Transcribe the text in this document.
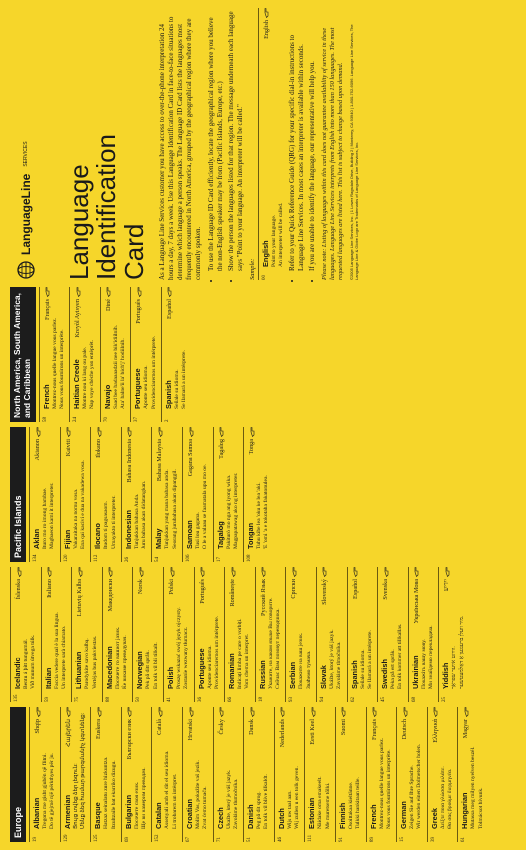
Europe
19
Albanian
Shqip
Tregona me gisht gjuhën që flitni. Do të gjejmë një përkthyes për ju.
129
Armenian
Հայերեն
Ցույց տվեք ձեր լեզուն: Մենք ձեզ համար թարգմանիչ կգտնենք:
125
Basque
Euskera
Hatzaz seinalatu zure hizkuntza. Itzultzaile bat ekarriko dizugu.
69
Bulgarian
Български език
Посочете своя език. Ще ви намерим преводач.
152
Catalan
Català
Assenyali amb el dit el seu idioma. Li trobarem un intèrpret.
67
Croatian
Hrvatski
Molim Vas, pokažite vaš jezik. Zvat ćemo tumača.
71
Czech
Česky
Ukažte, který je váš jazyk. Zavoláme tlumočníka.
51
Danish
Dansk
Peg på dit sprog. En tolk vil blive tilkaldt.
46
Dutch
Nederlands
Wijs uw taal aan. Wij zullen u een tolk geven.
111
Estonian
Eesti Keel
Näidake oma emakeelt. Me muretseme tõlki.
91
Finnish
Suomi
Osoittakaa kieltänne. Tulkki hankitaan teille.
89
French
Français
Montrez-nous quelle langue vous parlez. Nous vous fournirons un interprète.
15
German
Deutsch
Zeigen Sie auf Ihre Sprache. Wir werden einen Dolmetscher holen.
39
Greek
Ελληνικά
Δείξτε ποια γλώσσα μιλάτε. Θα σας βρούμε διερμηνέα.
61
Hungarian
Magyar
Mutassa meg milyen nyelven beszél. Tolmácsot hívunk.
135
Icelandic
Íslenska
Bentu á þitt tungumál. Við munum útvega túlk.
59
Italian
Italiano
Faccia vedere qual è la sua lingua. Un interprete sarà chiamato.
75
Lithuanian
Lietuvių Kalba
Parodykite savo kalbą. Vertėjas bus pakviestas.
88
Macedonian
Македонски
Посочете го вашиот јазик. Ќе викаме преведувач.
50
Norwegian
Norsk
Pek på ditt språk. En tolk vil bli tilkalt.
41
Polish
Polski
Proszę wskazać swój język ojczysty. Zostanie wezwany tłumacz.
36
Portuguese
Português
Aponte seu idioma. Providenciaremos um intérprete.
66
Romanian
Românește
Indicați limba pe care o vorbiți. Vom chema un interpret.
18
Russian
Русский Язык Укажите, на каком языке Вы говорите. Сейчас Вам позовут переводчика.
93
Serbian
Српски
Покажите на ваш језик. Зваћемо тумача.
94
Slovak
Slovenský
Ukážte, ktorý je váš jazyk. Zavoláme tlmočníka.
62
Spanish
Español
Señale su idioma. Se llamará a un intérprete.
45
Swedish
Svenska
Peka på ert språk. En tolk kommer att tillkallas.
68
Ukrainian
Українська Мова
Покажіть вашу мову. Ми знайдемо перекладача.
25
Yiddish
יידיש
ווײַזט אײַער שפּראַך. מיר וועלן ברענגען אַ דאָלמעטשער.
Pacific Islands
134
Aklan
Akianon
Ituro mo ro imong hambae. Magbaeon kami it interpreter.
120
Fijian
Kaiviti
Vakaraitaka na nomu vosa. Ena qai kacivi e dua na vakadewa vosa.
112
Ilocano
Ilokano
Itudom ti pagsasaom. Umayakto ti interpreter.
26
Indonesian
Bahasa Indonesia
Tunjukkan bahasa Anda. Juru bahasa akan didatangkan.
54
Malay
Bahasa Malaysia
Tunjukkan yang mana bahasa anda. Seorang jurubahasa akan dipanggil.
106
Samoan
Gagana Samoa
Tusi lou gagana. O le a valaau se faamatala upu mo oe.
17
Tagalog
Tagalog
Pakiturò mo nga ang iyong wika. Magpapatawag ako ng interpreter.
108
Tongan
Tonga
Tuhu kihe lea 'oku ke lea 'aki. 'E 'omi 'a e tokotaha fakatonulea.
North America, South America, and Caribbean
58
French
Français
Montrez-nous quelle langue vous parlez. Nous vous fournirons un interprète.
24
Haitian Creole
Kreyòl Ayisyen
Montre nou ki lang ou pale. Nap voye chèche yon entèprèt.
70
Navajo
Diné
Saad bee hadaaaadzii nee bik'idiilnih. Ata' halne'ii la' bich'j' hodiilnih.
37
Portuguese
Português
Aponte seu idioma. Providenciaremos um intérprete.
2
Spanish
Español
Señale su idioma. Se llamará a un intérprete.
LanguageLine
SERVICES
Language
Identification
Card As a Language Line Services customer you have access to over-the-phone interpretation 24 hours a day, 7 days a week. Use this Language Identification Card in face-to-face situations to determine which language a person speaks. The Language ID Card lists the languages most frequently encountered in North America, grouped by the geographical region where they are commonly spoken. • To use the Language ID Card efficiently, locate the geographical region where you believe the non-English speaker may be from (Pacific Islands, Europe, etc.) • Show the person the languages listed for that region. The message underneath each language says "Point to your language. An interpreter will be called." Sample: 00
English
English
Point to your language. An interpreter will be called. • Refer to your Quick Reference Guide (QRG) for your specific dial-in instructions to Language Line Services. In most cases an interpreter is available within seconds. • If you are unable to identify the language, our representative will help you. Please note: Listing of languages within this card does not guarantee availability of service in these languages. Language Line Services interprets from English into more than 150 languages. The most requested languages are listed here. This list is subject to change based upon demand. ©2005 Language Line Services, Inc. | 1 Lower Ragsdale Drive, Building 2 | Monterey, CA 93940 | 1-800-752-6096. Language Line Services, The Language Line & Globe Logo are Trademarks of Language Line Services, Inc.
